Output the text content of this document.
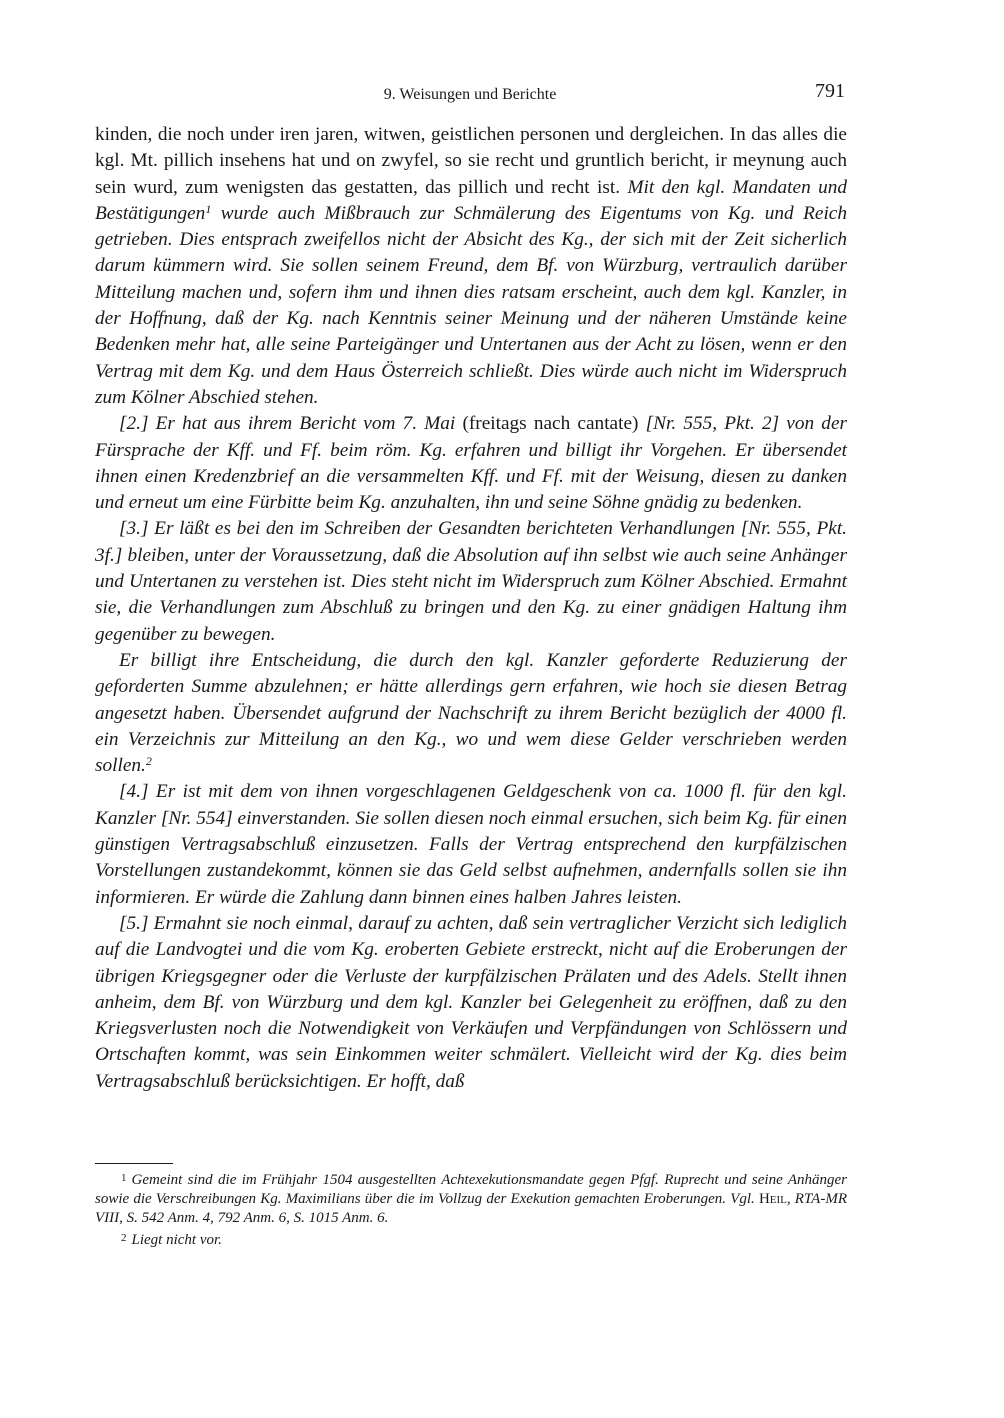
9. Weisungen und Berichte	791

kinden, die noch under iren jaren, witwen, geistlichen personen und dergleichen. In das alles die kgl. Mt. pillich insehens hat und on zwyfel, so sie recht und gruntlich bericht, ir meynung auch sein wurd, zum wenigsten das gestatten, das pillich und recht ist. Mit den kgl. Mandaten und Bestätigungen$^1$ wurde auch Mißbrauch zur Schmälerung des Eigentums von Kg. und Reich getrieben. Dies entsprach zweifellos nicht der Absicht des Kg., der sich mit der Zeit sicherlich darum kümmern wird. Sie sollen seinem Freund, dem Bf. von Würzburg, vertraulich darüber Mitteilung machen und, sofern ihm und ihnen dies ratsam erscheint, auch dem kgl. Kanzler, in der Hoffnung, daß der Kg. nach Kenntnis seiner Meinung und der näheren Umstände keine Bedenken mehr hat, alle seine Parteigänger und Untertanen aus der Acht zu lösen, wenn er den Vertrag mit dem Kg. und dem Haus Österreich schließt. Dies würde auch nicht im Widerspruch zum Kölner Abschied stehen.

[2.] Er hat aus ihrem Bericht vom 7. Mai (freitags nach cantate) [Nr. 555, Pkt. 2] von der Fürsprache der Kff. und Ff. beim röm. Kg. erfahren und billigt ihr Vorgehen. Er übersendet ihnen einen Kredenzbrief an die versammelten Kff. und Ff. mit der Weisung, diesen zu danken und erneut um eine Fürbitte beim Kg. anzuhalten, ihn und seine Söhne gnädig zu bedenken.

[3.] Er läßt es bei den im Schreiben der Gesandten berichteten Verhandlungen [Nr. 555, Pkt. 3f.] bleiben, unter der Voraussetzung, daß die Absolution auf ihn selbst wie auch seine Anhänger und Untertanen zu verstehen ist. Dies steht nicht im Widerspruch zum Kölner Abschied. Ermahnt sie, die Verhandlungen zum Abschluß zu bringen und den Kg. zu einer gnädigen Haltung ihm gegenüber zu bewegen.

Er billigt ihre Entscheidung, die durch den kgl. Kanzler geforderte Reduzierung der geforderten Summe abzulehnen; er hätte allerdings gern erfahren, wie hoch sie diesen Betrag angesetzt haben. Übersendet aufgrund der Nachschrift zu ihrem Bericht bezüglich der 4000 fl. ein Verzeichnis zur Mitteilung an den Kg., wo und wem diese Gelder verschrieben werden sollen.$^2$

[4.] Er ist mit dem von ihnen vorgeschlagenen Geldgeschenk von ca. 1000 fl. für den kgl. Kanzler [Nr. 554] einverstanden. Sie sollen diesen noch einmal ersuchen, sich beim Kg. für einen günstigen Vertragsabschluß einzusetzen. Falls der Vertrag entsprechend den kurpfälzischen Vorstellungen zustandekommt, können sie das Geld selbst aufnehmen, andernfalls sollen sie ihn informieren. Er würde die Zahlung dann binnen eines halben Jahres leisten.

[5.] Ermahnt sie noch einmal, darauf zu achten, daß sein vertraglicher Verzicht sich lediglich auf die Landvogtei und die vom Kg. eroberten Gebiete erstreckt, nicht auf die Eroberungen der übrigen Kriegsgegner oder die Verluste der kurpfälzischen Prälaten und des Adels. Stellt ihnen anheim, dem Bf. von Würzburg und dem kgl. Kanzler bei Gelegenheit zu eröffnen, daß zu den Kriegsverlusten noch die Notwendigkeit von Verkäufen und Verpfändungen von Schlössern und Ortschaften kommt, was sein Einkommen weiter schmälert. Vielleicht wird der Kg. dies beim Vertragsabschluß berücksichtigen. Er hofft, daß

$^1$ Gemeint sind die im Frühjahr 1504 ausgestellten Achtexekutionsmandate gegen Pfgf. Ruprecht und seine Anhänger sowie die Verschreibungen Kg. Maximilians über die im Vollzug der Exekution gemachten Eroberungen. Vgl. Heil, RTA-MR VIII, S. 542 Anm. 4, 792 Anm. 6, S. 1015 Anm. 6.

$^2$ Liegt nicht vor.
